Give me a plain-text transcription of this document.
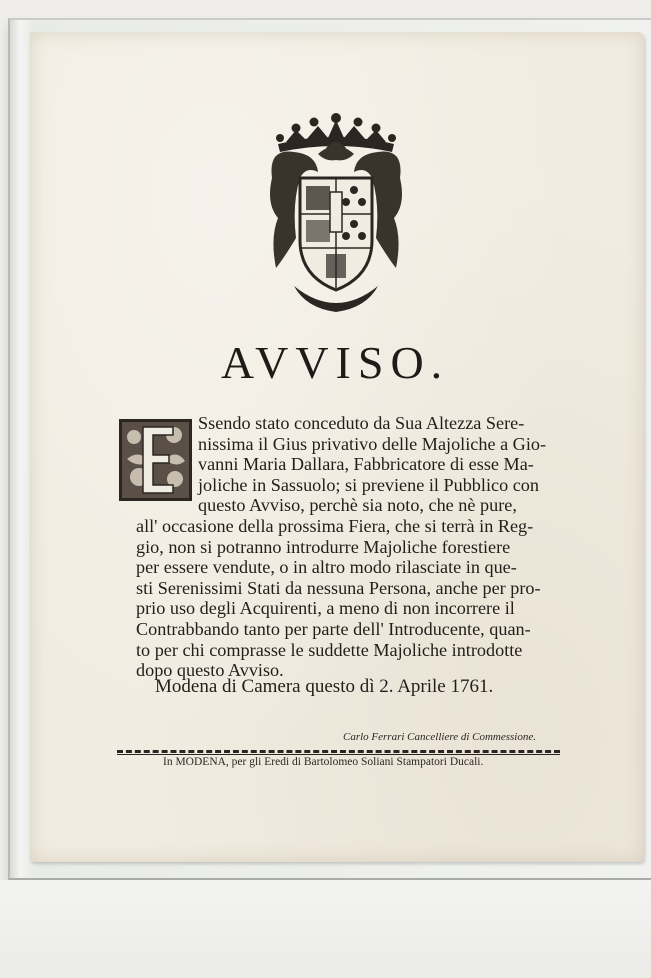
AVVISO.
Ssendo stato conceduto da Sua Altezza Sere-
nissima il Gius privativo delle Majoliche a Gio-
vanni Maria Dallara, Fabbricatore di esse Ma-
joliche in Sassuolo; si previene il Pubblico con
questo Avviso, perchè sia noto, che nè pure,
all' occasione della prossima Fiera, che si terrà in Reg-
gio, non si potranno introdurre Majoliche forestiere
per essere vendute, o in altro modo rilasciate in que-
sti Serenissimi Stati da nessuna Persona, anche per pro-
prio uso degli Acquirenti, a meno di non incorrere il
Contrabbando tanto per parte dell' Introducente, quan-
to per chi comprasse le suddette Majoliche introdotte
dopo questo Avviso.
Modena di Camera questo dì 2. Aprile 1761.
Carlo Ferrari Cancelliere di Commessione.
In MODENA, per gli Eredi di Bartolomeo Soliani Stampatori Ducali.
